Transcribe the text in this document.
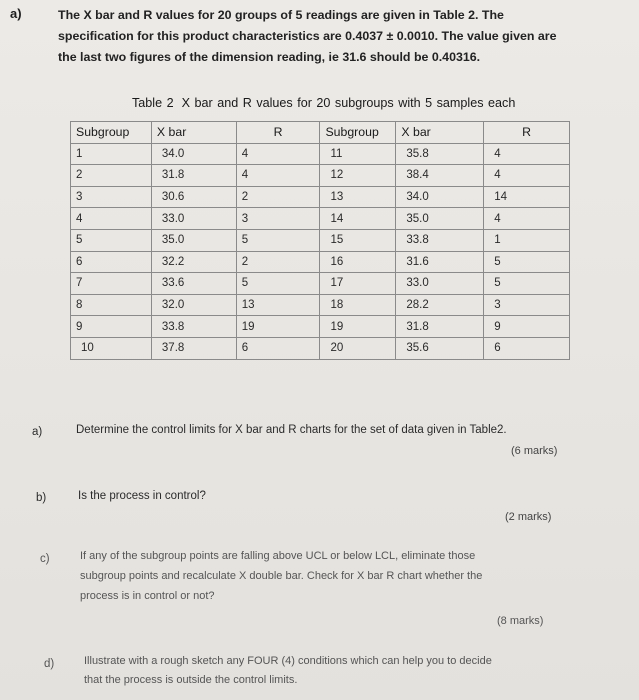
a)	The X bar and R values for 20 groups of 5 readings are given in Table 2. The
specification for this product characteristics are 0.4037 ± 0.0010. The value given are
the last two figures of the dimension reading, ie 31.6 should be 0.40316.
Table 2 X bar and R values for 20 subgroups with 5 samples each
Subgroup	X bar	R	Subgroup	X bar	R
1	34.0	4	11	35.8	4
2	31.8	4	12	38.4	4
3	30.6	2	13	34.0	14
4	33.0	3	14	35.0	4
5	35.0	5	15	33.8	1
6	32.2	2	16	31.6	5
7	33.6	5	17	33.0	5
8	32.0	13	18	28.2	3
9	33.8	19	19	31.8	9
10	37.8	6	20	35.6	6
a)	Determine the control limits for X bar and R charts for the set of data given in Table2.
(6 marks)
b)	Is the process in control?
(2 marks)
c)	If any of the subgroup points are falling above UCL or below LCL, eliminate those
subgroup points and recalculate X double bar. Check for X bar R chart whether the
process is in control or not?
(8 marks)
d)	Illustrate with a rough sketch any FOUR (4) conditions which can help you to decide
that the process is outside the control limits.
